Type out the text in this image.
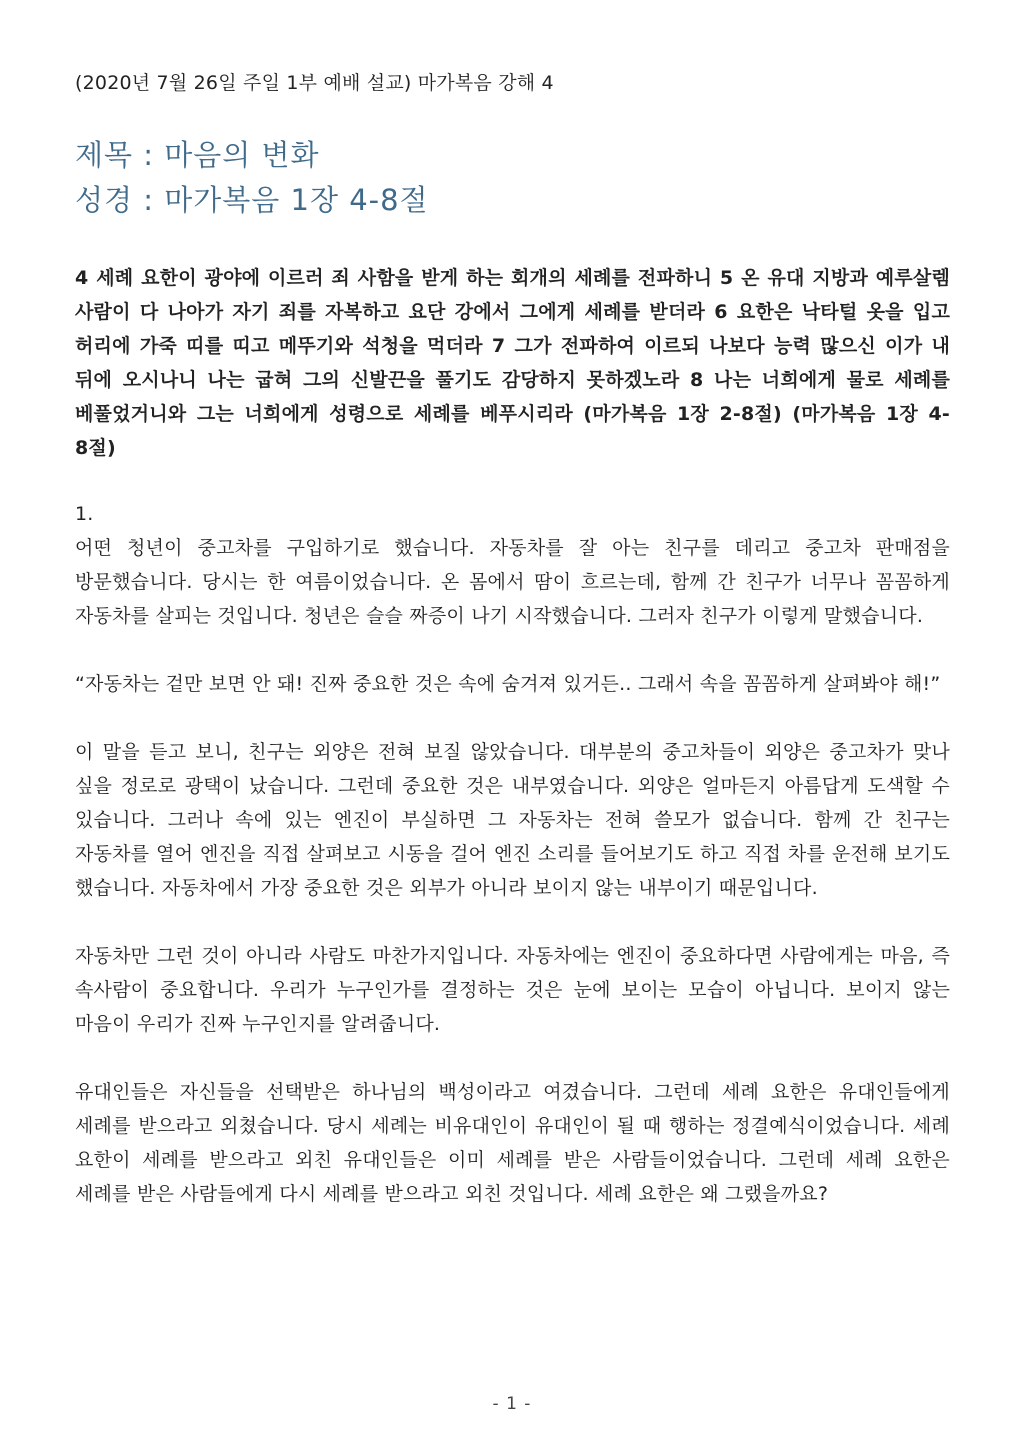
(2020년 7월 26일 주일 1부 예배 설교) 마가복음 강해 4
제목 : 마음의 변화
성경 : 마가복음 1장 4-8절
4 세례 요한이 광야에 이르러 죄 사함을 받게 하는 회개의 세례를 전파하니 5 온 유대 지방과 예루살렘 사람이 다 나아가 자기 죄를 자복하고 요단 강에서 그에게 세례를 받더라 6 요한은 낙타털 옷을 입고 허리에 가죽 띠를 띠고 메뚜기와 석청을 먹더라 7 그가 전파하여 이르되 나보다 능력 많으신 이가 내 뒤에 오시나니 나는 굽혀 그의 신발끈을 풀기도 감당하지 못하겠노라 8 나는 너희에게 물로 세례를 베풀었거니와 그는 너희에게 성령으로 세례를 베푸시리라 (마가복음 1장 2-8절) (마가복음 1장 4-8절)
1.

어떤 청년이 중고차를 구입하기로 했습니다. 자동차를 잘 아는 친구를 데리고 중고차 판매점을 방문했습니다. 당시는 한 여름이었습니다. 온 몸에서 땀이 흐르는데, 함께 간 친구가 너무나 꼼꼼하게 자동차를 살피는 것입니다. 청년은 슬슬 짜증이 나기 시작했습니다. 그러자 친구가 이렇게 말했습니다.

“자동차는 겉만 보면 안 돼! 진짜 중요한 것은 속에 숨겨져 있거든.. 그래서 속을 꼼꼼하게 살펴봐야 해!”

이 말을 듣고 보니, 친구는 외양은 전혀 보질 않았습니다. 대부분의 중고차들이 외양은 중고차가 맞나 싶을 정로로 광택이 났습니다. 그런데 중요한 것은 내부였습니다. 외양은 얼마든지 아름답게 도색할 수 있습니다. 그러나 속에 있는 엔진이 부실하면 그 자동차는 전혀 쓸모가 없습니다. 함께 간 친구는 자동차를 열어 엔진을 직접 살펴보고 시동을 걸어 엔진 소리를 들어보기도 하고 직접 차를 운전해 보기도 했습니다. 자동차에서 가장 중요한 것은 외부가 아니라 보이지 않는 내부이기 때문입니다.

자동차만 그런 것이 아니라 사람도 마찬가지입니다. 자동차에는 엔진이 중요하다면 사람에게는 마음, 즉 속사람이 중요합니다. 우리가 누구인가를 결정하는 것은 눈에 보이는 모습이 아닙니다. 보이지 않는 마음이 우리가 진짜 누구인지를 알려줍니다.

유대인들은 자신들을 선택받은 하나님의 백성이라고 여겼습니다. 그런데 세례 요한은 유대인들에게 세례를 받으라고 외쳤습니다. 당시 세례는 비유대인이 유대인이 될 때 행하는 정결예식이었습니다. 세례 요한이 세례를 받으라고 외친 유대인들은 이미 세례를 받은 사람들이었습니다. 그런데 세례 요한은 세례를 받은 사람들에게 다시 세례를 받으라고 외친 것입니다. 세례 요한은 왜 그랬을까요?

- 1 -
